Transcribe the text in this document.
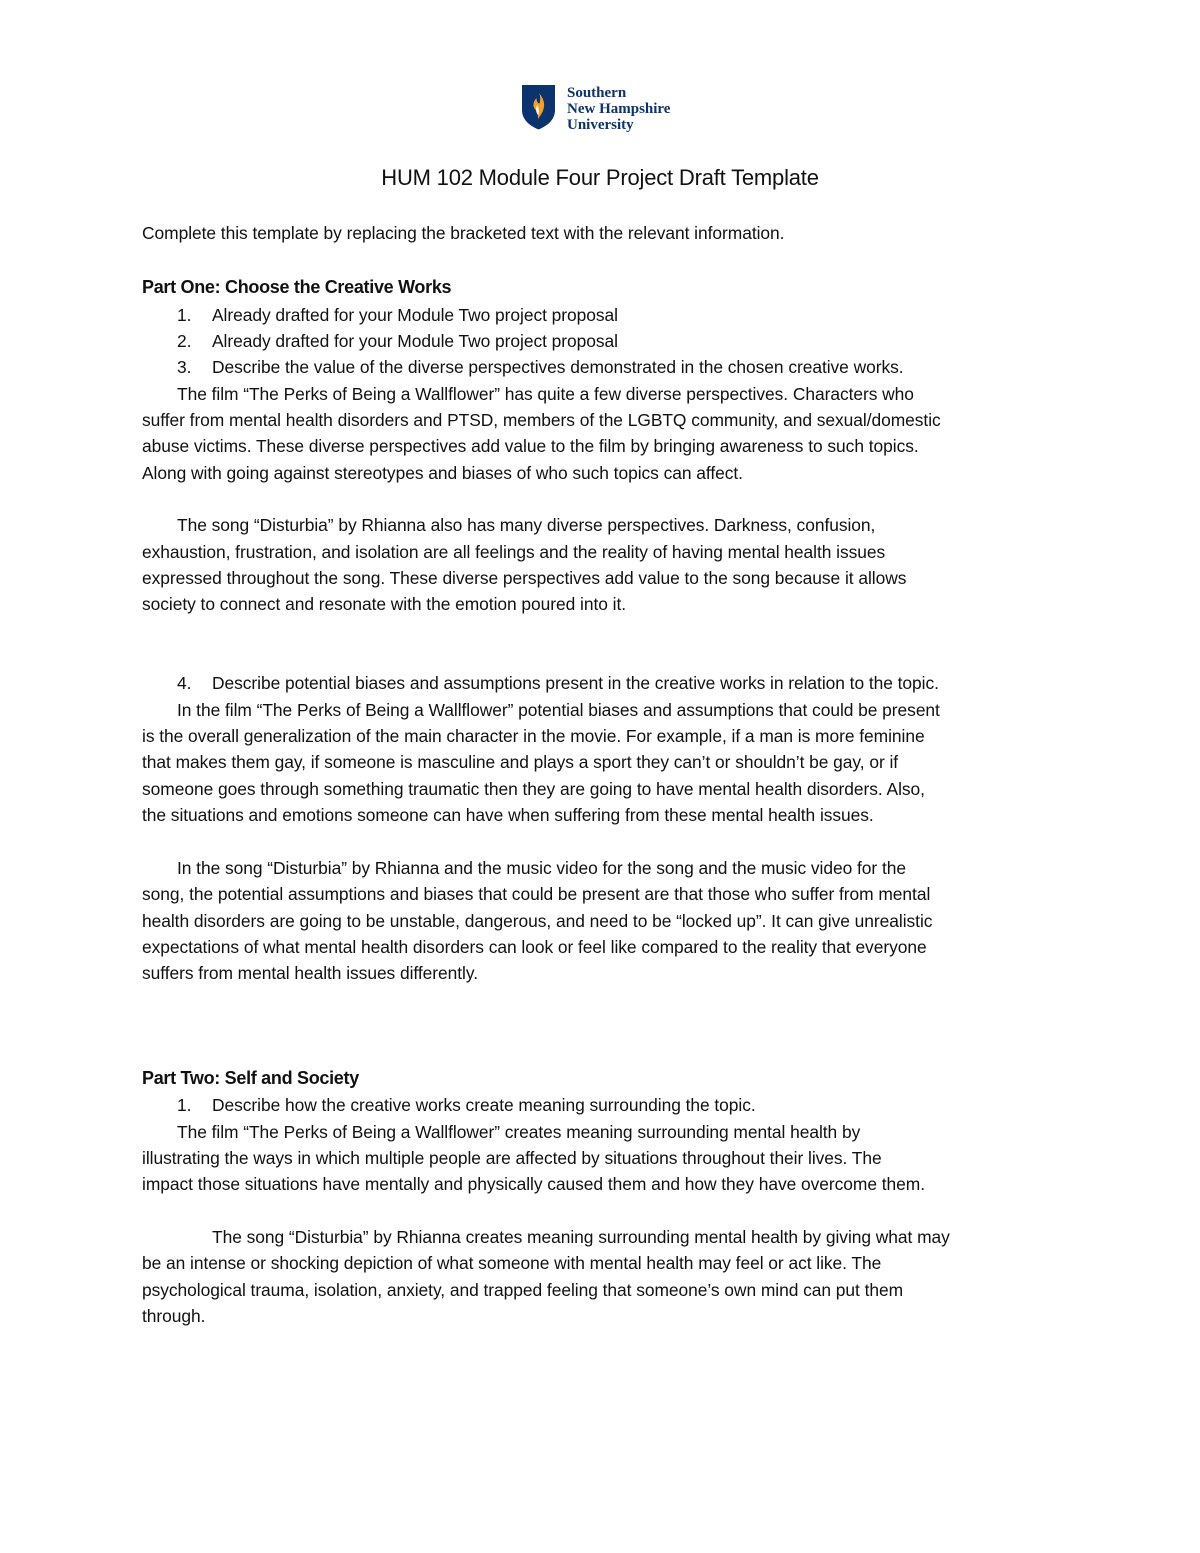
Southern
New Hampshire
University
HUM 102 Module Four Project Draft Template
Complete this template by replacing the bracketed text with the relevant information.
Part One: Choose the Creative Works
1. Already drafted for your Module Two project proposal
2. Already drafted for your Module Two project proposal
3. Describe the value of the diverse perspectives demonstrated in the chosen creative works.
The film “The Perks of Being a Wallflower” has quite a few diverse perspectives. Characters who
suffer from mental health disorders and PTSD, members of the LGBTQ community, and sexual/domestic
abuse victims. These diverse perspectives add value to the film by bringing awareness to such topics.
Along with going against stereotypes and biases of who such topics can affect.
The song “Disturbia” by Rhianna also has many diverse perspectives. Darkness, confusion,
exhaustion, frustration, and isolation are all feelings and the reality of having mental health issues
expressed throughout the song. These diverse perspectives add value to the song because it allows
society to connect and resonate with the emotion poured into it.
4. Describe potential biases and assumptions present in the creative works in relation to the topic.
In the film “The Perks of Being a Wallflower” potential biases and assumptions that could be present
is the overall generalization of the main character in the movie. For example, if a man is more feminine
that makes them gay, if someone is masculine and plays a sport they can’t or shouldn’t be gay, or if
someone goes through something traumatic then they are going to have mental health disorders. Also,
the situations and emotions someone can have when suffering from these mental health issues.
In the song “Disturbia” by Rhianna and the music video for the song and the music video for the
song, the potential assumptions and biases that could be present are that those who suffer from mental
health disorders are going to be unstable, dangerous, and need to be “locked up”. It can give unrealistic
expectations of what mental health disorders can look or feel like compared to the reality that everyone
suffers from mental health issues differently.
Part Two: Self and Society
1. Describe how the creative works create meaning surrounding the topic.
The film “The Perks of Being a Wallflower” creates meaning surrounding mental health by
illustrating the ways in which multiple people are affected by situations throughout their lives. The
impact those situations have mentally and physically caused them and how they have overcome them.
The song “Disturbia” by Rhianna creates meaning surrounding mental health by giving what may
be an intense or shocking depiction of what someone with mental health may feel or act like. The
psychological trauma, isolation, anxiety, and trapped feeling that someone’s own mind can put them
through.
